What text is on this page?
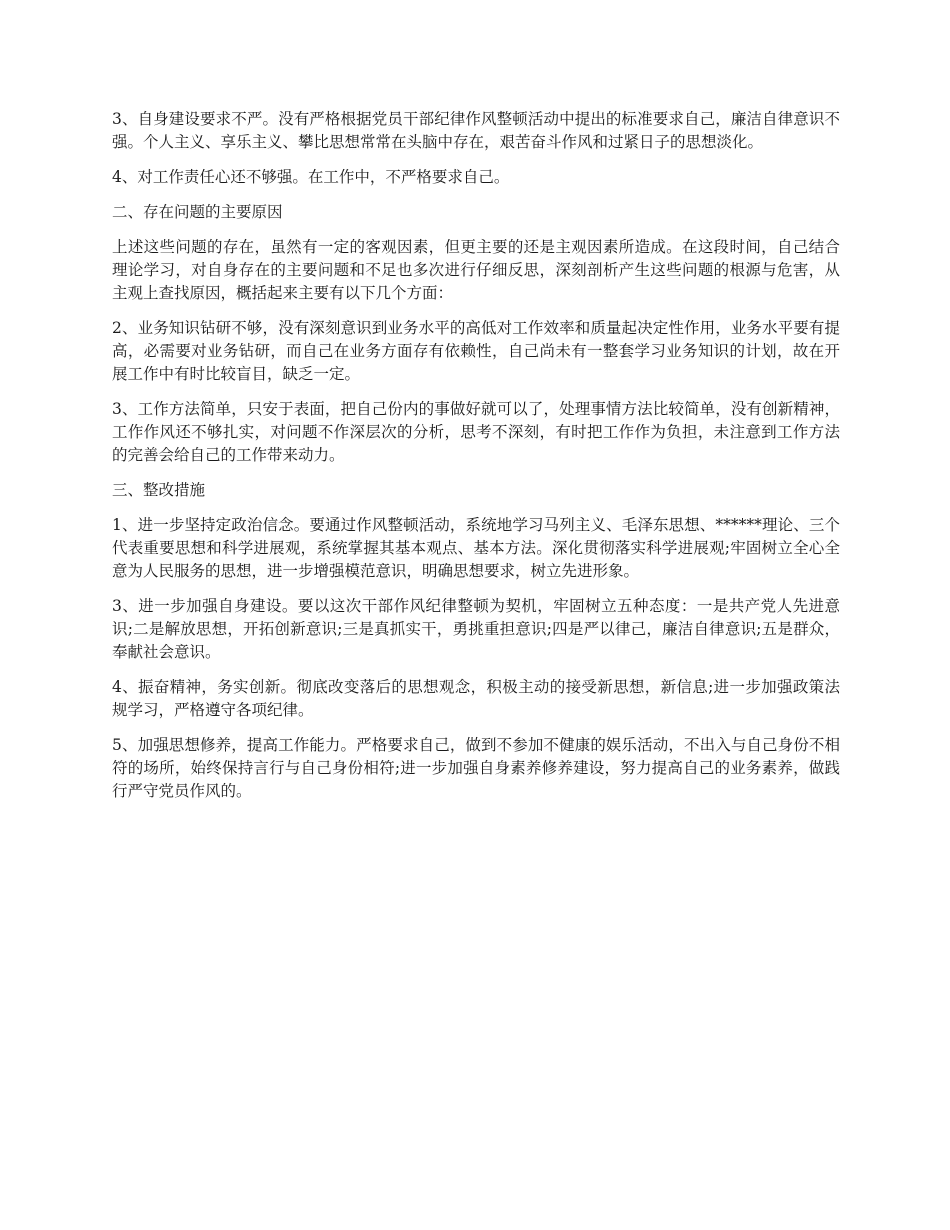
3、自身建设要求不严。没有严格根据党员干部纪律作风整顿活动中提出的标准要求自己，廉洁自律意识不强。个人主义、享乐主义、攀比思想常常在头脑中存在，艰苦奋斗作风和过紧日子的思想淡化。

4、对工作责任心还不够强。在工作中，不严格要求自己。

二、存在问题的主要原因

上述这些问题的存在，虽然有一定的客观因素，但更主要的还是主观因素所造成。在这段时间，自己结合理论学习，对自身存在的主要问题和不足也多次进行仔细反思，深刻剖析产生这些问题的根源与危害，从主观上查找原因，概括起来主要有以下几个方面：

2、业务知识钻研不够，没有深刻意识到业务水平的高低对工作效率和质量起决定性作用，业务水平要有提高，必需要对业务钻研，而自己在业务方面存有依赖性，自己尚未有一整套学习业务知识的计划，故在开展工作中有时比较盲目，缺乏一定。

3、工作方法简单，只安于表面，把自己份内的事做好就可以了，处理事情方法比较简单，没有创新精神，工作作风还不够扎实，对问题不作深层次的分析，思考不深刻，有时把工作作为负担，未注意到工作方法的完善会给自己的工作带来动力。

三、整改措施

1、进一步坚持定政治信念。要通过作风整顿活动，系统地学习马列主义、毛泽东思想、******理论、三个代表重要思想和科学进展观，系统掌握其基本观点、基本方法。深化贯彻落实科学进展观;牢固树立全心全意为人民服务的思想，进一步增强模范意识，明确思想要求，树立先进形象。

3、进一步加强自身建设。要以这次干部作风纪律整顿为契机，牢固树立五种态度：一是共产党人先进意识;二是解放思想，开拓创新意识;三是真抓实干，勇挑重担意识;四是严以律己，廉洁自律意识;五是群众，奉献社会意识。

4、振奋精神，务实创新。彻底改变落后的思想观念，积极主动的接受新思想，新信息;进一步加强政策法规学习，严格遵守各项纪律。

5、加强思想修养，提高工作能力。严格要求自己，做到不参加不健康的娱乐活动，不出入与自己身份不相符的场所，始终保持言行与自己身份相符;进一步加强自身素养修养建设，努力提高自己的业务素养，做践行严守党员作风的。
